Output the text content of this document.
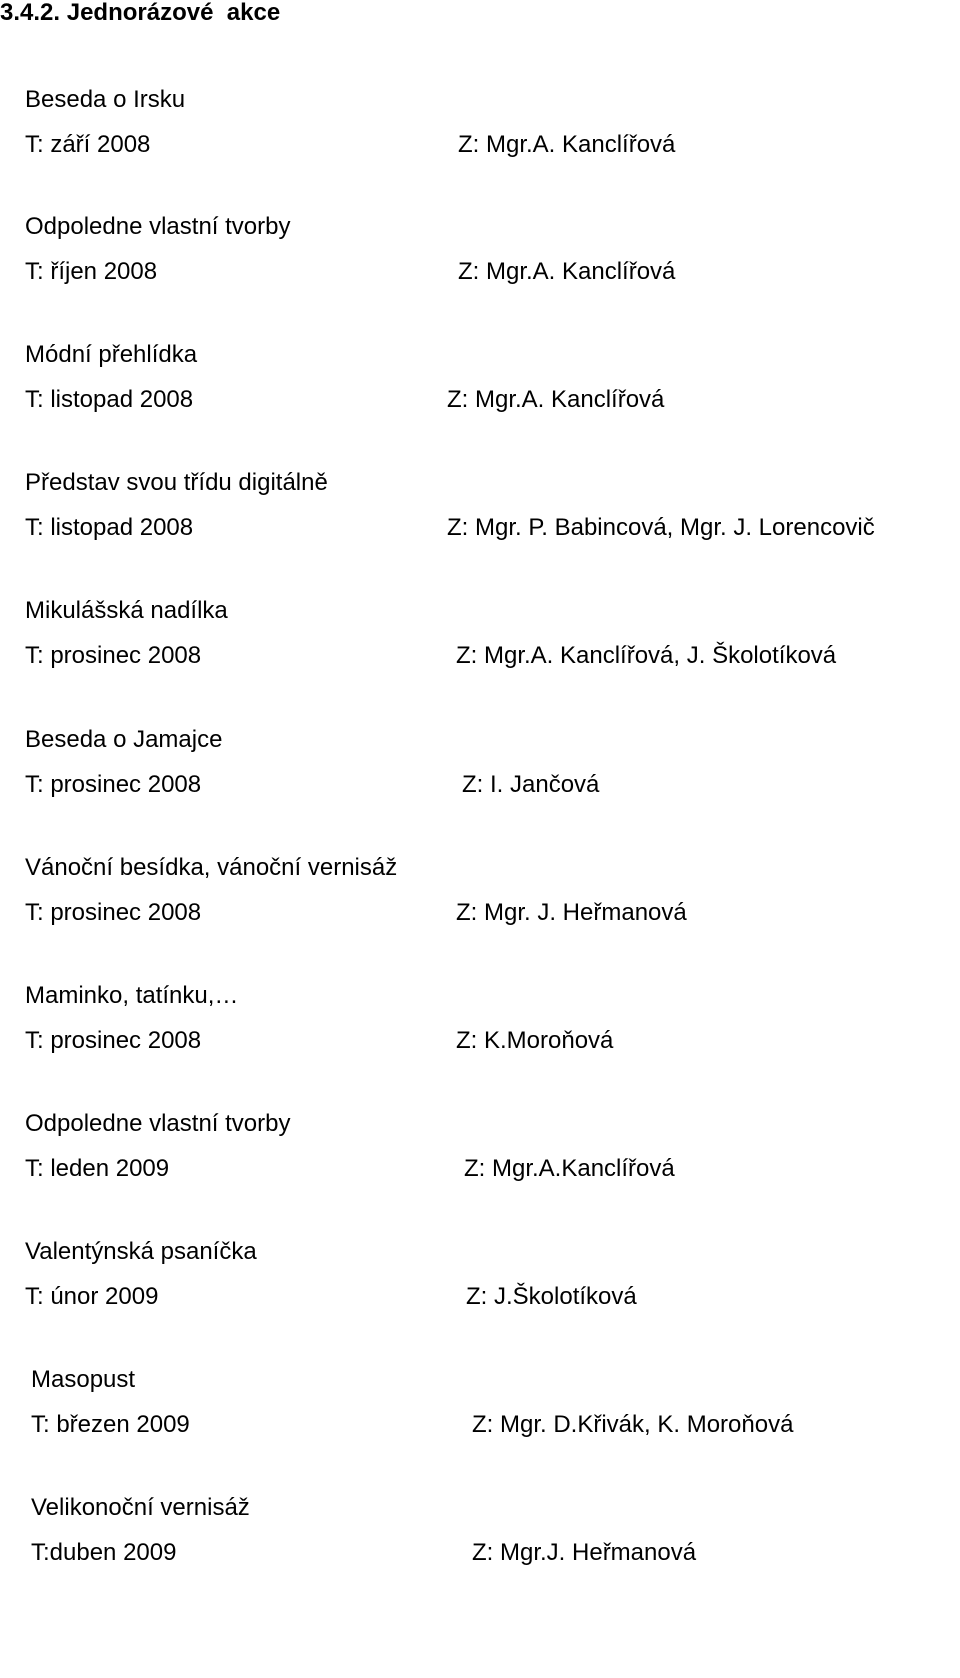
3.4.2. Jednorázové  akce
Beseda o Irsku
T: září 2008	Z: Mgr.A. Kanclířová
Odpoledne vlastní tvorby
T: říjen 2008	Z: Mgr.A. Kanclířová
Módní přehlídka
T: listopad 2008	Z: Mgr.A. Kanclířová
Představ svou třídu digitálně
T: listopad 2008	Z: Mgr. P. Babincová, Mgr. J. Lorencovič
Mikulášská nadílka
T: prosinec 2008	Z: Mgr.A. Kanclířová, J. Školotíková
Beseda o Jamajce
T: prosinec 2008	Z: I. Jančová
Vánoční besídka, vánoční vernisáž
T: prosinec 2008	Z: Mgr. J. Heřmanová
Maminko, tatínku,…
T: prosinec 2008	Z: K.Moroňová
Odpoledne vlastní tvorby
T: leden 2009	Z: Mgr.A.Kanclířová
Valentýnská psaníčka
T: únor 2009	Z: J.Školotíková
Masopust
T: březen 2009	Z: Mgr. D.Křivák, K. Moroňová
Velikonoční vernisáž
T:duben 2009	Z: Mgr.J. Heřmanová
